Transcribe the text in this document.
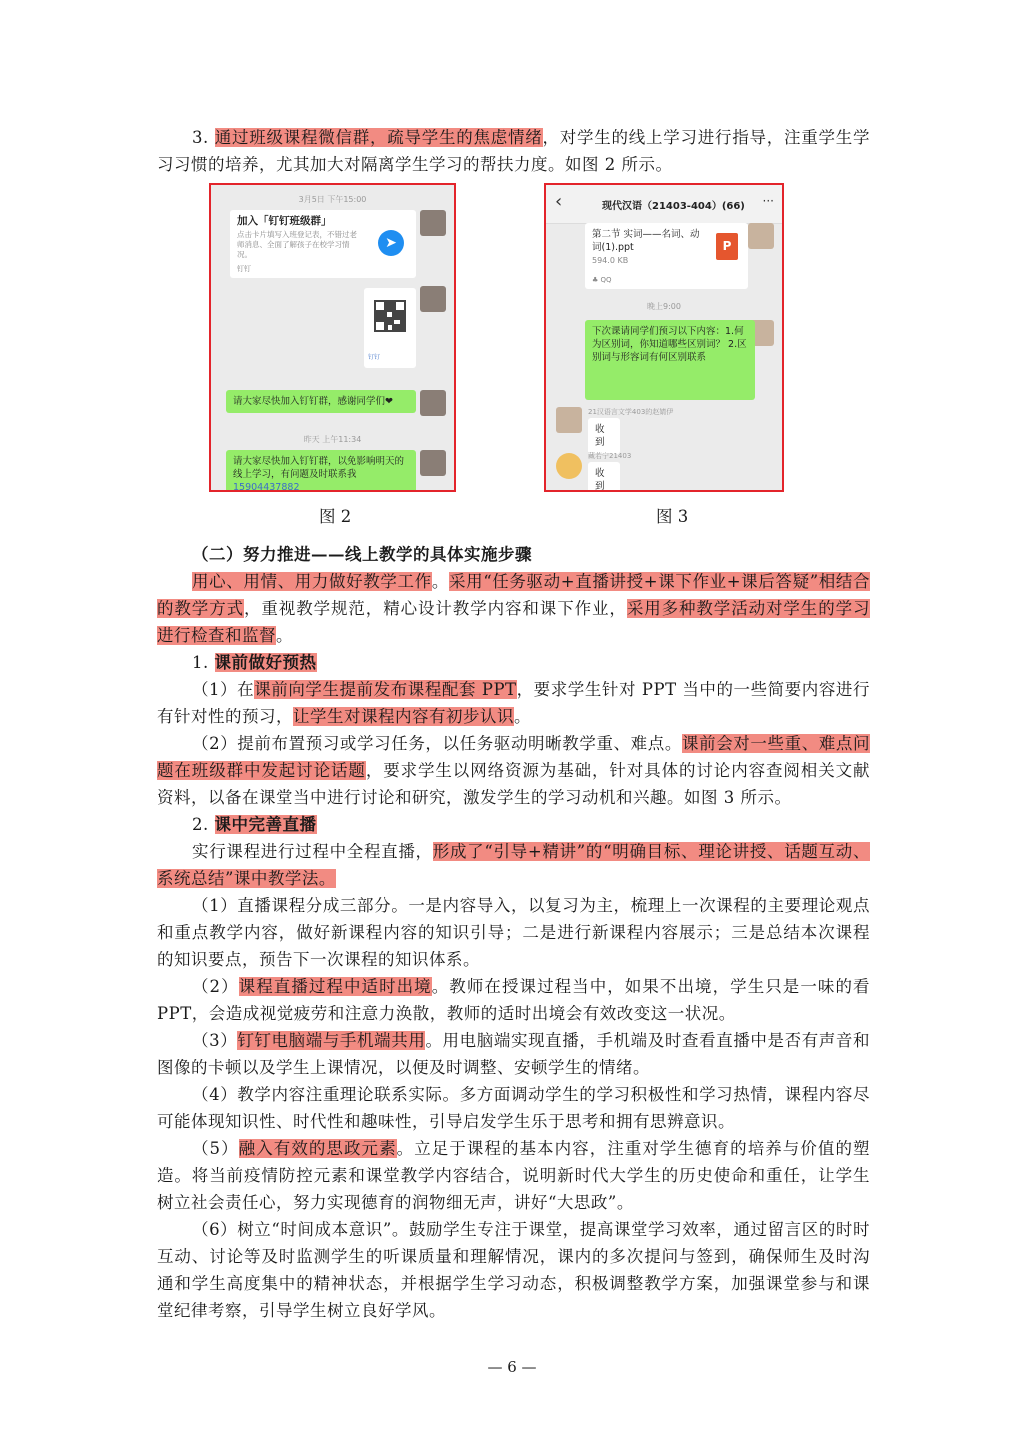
3. 通过班级课程微信群，疏导学生的焦虑情绪，对学生的线上学习进行指导，注重学生学习习惯的培养，尤其加大对隔离学生学习的帮扶力度。如图 2 所示。

3月5日 下午15:00
加入「钉钉班级群」
点击卡片填写入班登记表，不错过老师消息、全面了解孩子在校学习情况。
➤
钉钉
钉钉
请大家尽快加入钉钉群，感谢同学们❤
昨天 上午11:34
请大家尽快加入钉钉群，以免影响明天的线上学习，有问题及时联系我 15904437882
图 2
‹	现代汉语（21403-404）(66) ···
第二节 实词——名词、动词(1).ppt
594.0 KB
P
♣ QQ
晚上9:00
下次课请同学们预习以下内容：1.何为区别词，你知道哪些区别词？ 2.区别词与形容词有何区别联系
21汉语言文学403的赵婧伊
收到
藏若宁21403
收到
图 3

（二）努力推进——线上教学的具体实施步骤

用心、用情、用力做好教学工作。采用“任务驱动+直播讲授+课下作业+课后答疑”相结合的教学方式，重视教学规范，精心设计教学内容和课下作业，采用多种教学活动对学生的学习进行检查和监督。

1. 课前做好预热

（1）在课前向学生提前发布课程配套 PPT，要求学生针对 PPT 当中的一些简要内容进行有针对性的预习，让学生对课程内容有初步认识。

（2）提前布置预习或学习任务，以任务驱动明晰教学重、难点。课前会对一些重、难点问题在班级群中发起讨论话题，要求学生以网络资源为基础，针对具体的讨论内容查阅相关文献资料，以备在课堂当中进行讨论和研究，激发学生的学习动机和兴趣。如图 3 所示。

2. 课中完善直播

实行课程进行过程中全程直播，形成了“引导+精讲”的“明确目标、理论讲授、话题互动、系统总结”课中教学法。

（1）直播课程分成三部分。一是内容导入，以复习为主，梳理上一次课程的主要理论观点和重点教学内容，做好新课程内容的知识引导；二是进行新课程内容展示；三是总结本次课程的知识要点，预告下一次课程的知识体系。

（2）课程直播过程中适时出境。教师在授课过程当中，如果不出境，学生只是一味的看 PPT，会造成视觉疲劳和注意力涣散，教师的适时出境会有效改变这一状况。

（3）钉钉电脑端与手机端共用。用电脑端实现直播，手机端及时查看直播中是否有声音和图像的卡顿以及学生上课情况，以便及时调整、安顿学生的情绪。

（4）教学内容注重理论联系实际。多方面调动学生的学习积极性和学习热情，课程内容尽可能体现知识性、时代性和趣味性，引导启发学生乐于思考和拥有思辨意识。

（5）融入有效的思政元素。立足于课程的基本内容，注重对学生德育的培养与价值的塑造。将当前疫情防控元素和课堂教学内容结合，说明新时代大学生的历史使命和重任，让学生树立社会责任心，努力实现德育的润物细无声，讲好“大思政”。

（6）树立“时间成本意识”。鼓励学生专注于课堂，提高课堂学习效率，通过留言区的时时互动、讨论等及时监测学生的听课质量和理解情况，课内的多次提问与签到，确保师生及时沟通和学生高度集中的精神状态，并根据学生学习动态，积极调整教学方案，加强课堂参与和课堂纪律考察，引导学生树立良好学风。

— 6 —
